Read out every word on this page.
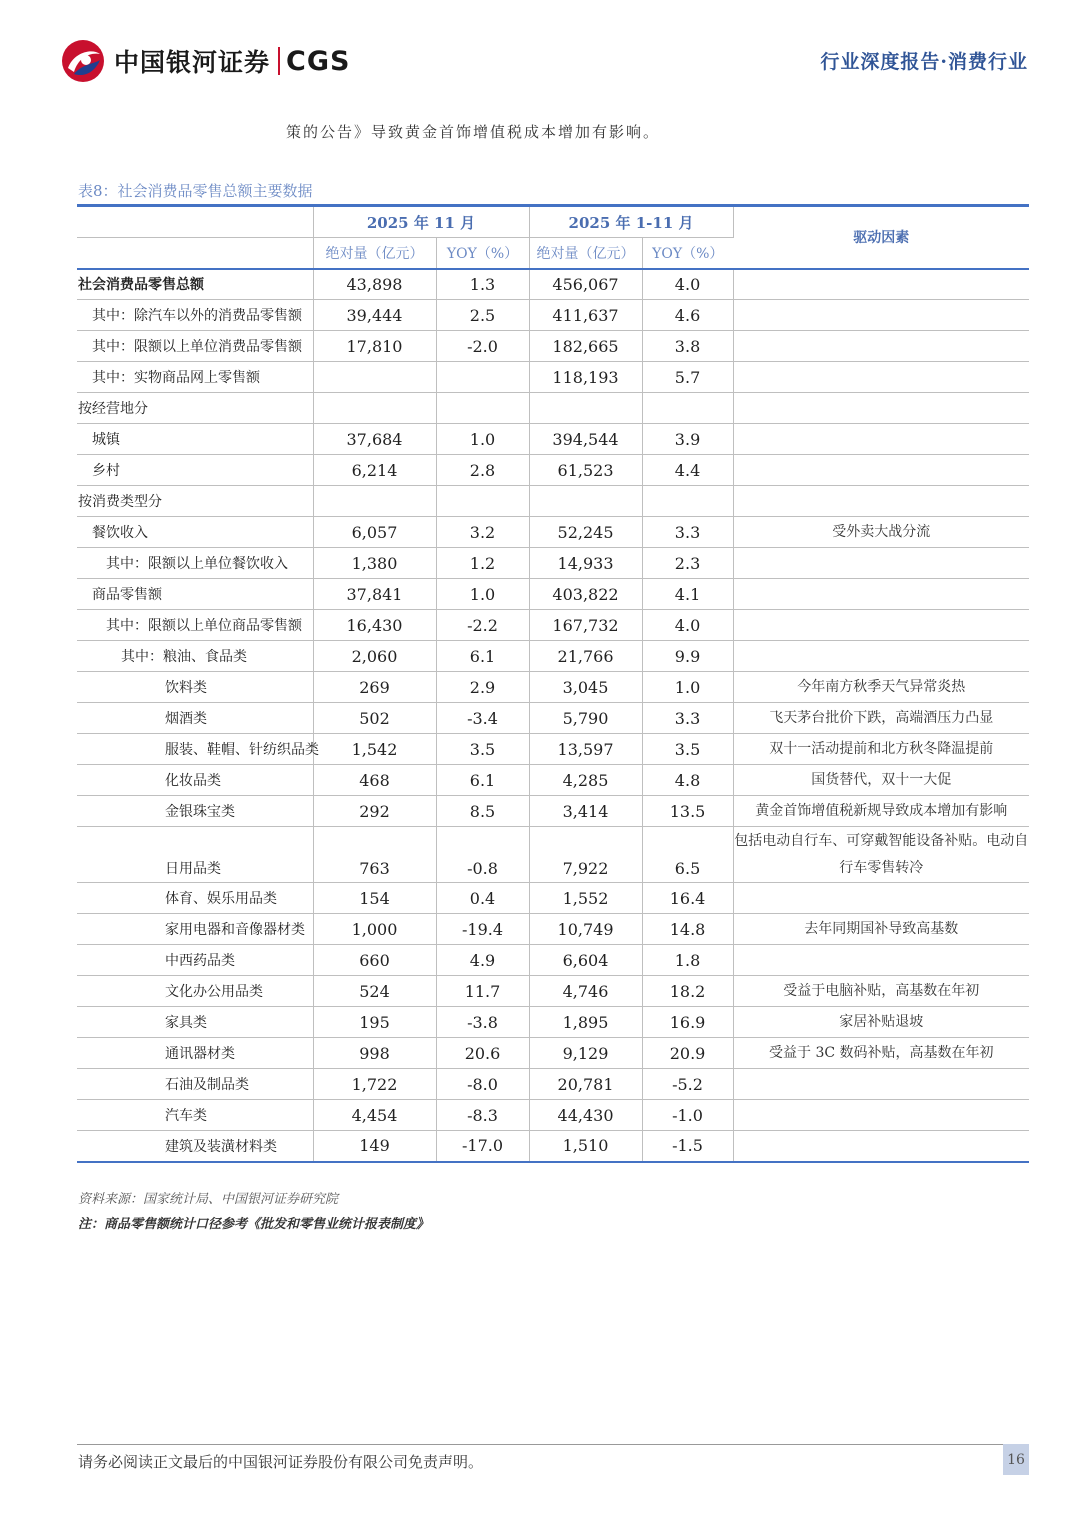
中国银河证券 CGS	行业深度报告·消费行业
策的公告》导致黄金首饰增值税成本增加有影响。
表8：社会消费品零售总额主要数据
	2025 年 11 月		2025 年 1-11 月		驱动因素
	绝对量（亿元）	YOY（%）	绝对量（亿元）	YOY（%）	
社会消费品零售总额	43,898	1.3	456,067	4.0	
其中：除汽车以外的消费品零售额	39,444	2.5	411,637	4.6	
其中：限额以上单位消费品零售额	17,810	-2.0	182,665	3.8	
其中：实物商品网上零售额			118,193	5.7	
按经营地分					
城镇	37,684	1.0	394,544	3.9	
乡村	6,214	2.8	61,523	4.4	
按消费类型分					
餐饮收入	6,057	3.2	52,245	3.3	受外卖大战分流
其中：限额以上单位餐饮收入	1,380	1.2	14,933	2.3	
商品零售额	37,841	1.0	403,822	4.1	
其中：限额以上单位商品零售额	16,430	-2.2	167,732	4.0	
其中：粮油、食品类	2,060	6.1	21,766	9.9	
饮料类	269	2.9	3,045	1.0	今年南方秋季天气异常炎热
烟酒类	502	-3.4	5,790	3.3	飞天茅台批价下跌，高端酒压力凸显
服装、鞋帽、针纺织品类	1,542	3.5	13,597	3.5	双十一活动提前和北方秋冬降温提前
化妆品类	468	6.1	4,285	4.8	国货替代，双十一大促
金银珠宝类	292	8.5	3,414	13.5	黄金首饰增值税新规导致成本增加有影响
日用品类	763	-0.8	7,922	6.5	包括电动自行车、可穿戴智能设备补贴。电动自行车零售转冷
体育、娱乐用品类	154	0.4	1,552	16.4	
家用电器和音像器材类	1,000	-19.4	10,749	14.8	去年同期国补导致高基数
中西药品类	660	4.9	6,604	1.8	
文化办公用品类	524	11.7	4,746	18.2	受益于电脑补贴，高基数在年初
家具类	195	-3.8	1,895	16.9	家居补贴退坡
通讯器材类	998	20.6	9,129	20.9	受益于 3C 数码补贴，高基数在年初
石油及制品类	1,722	-8.0	20,781	-5.2	
汽车类	4,454	-8.3	44,430	-1.0	
建筑及装潢材料类	149	-17.0	1,510	-1.5	
资料来源：国家统计局、中国银河证券研究院
注：商品零售额统计口径参考《批发和零售业统计报表制度》
请务必阅读正文最后的中国银河证券股份有限公司免责声明。	16
